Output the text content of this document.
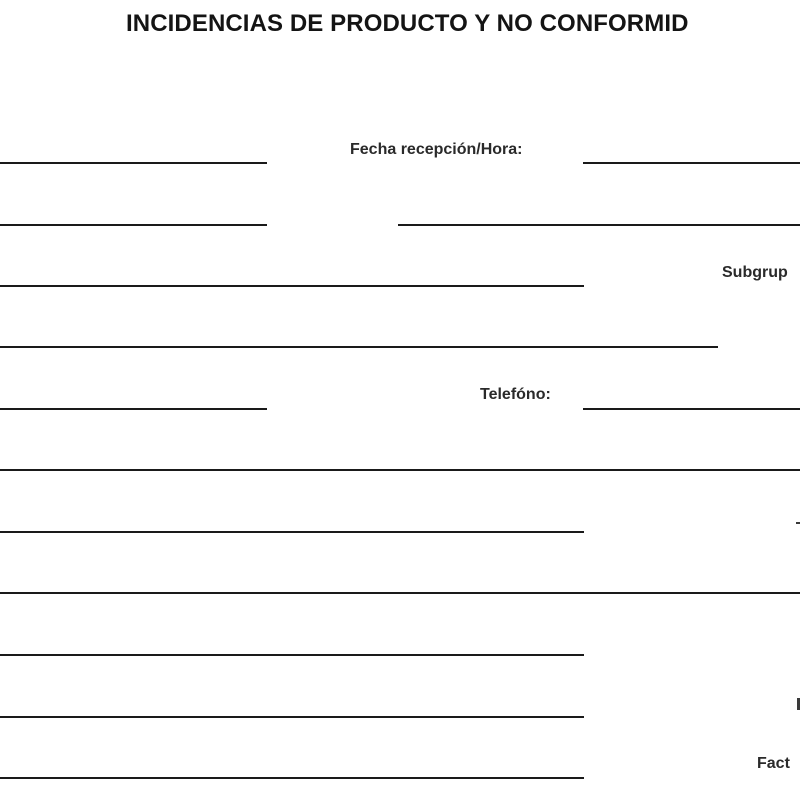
INCIDENCIAS DE PRODUCTO Y NO CONFORMID
Fecha recepción/Hora:
Subgrup
Telefóno:
Fact
